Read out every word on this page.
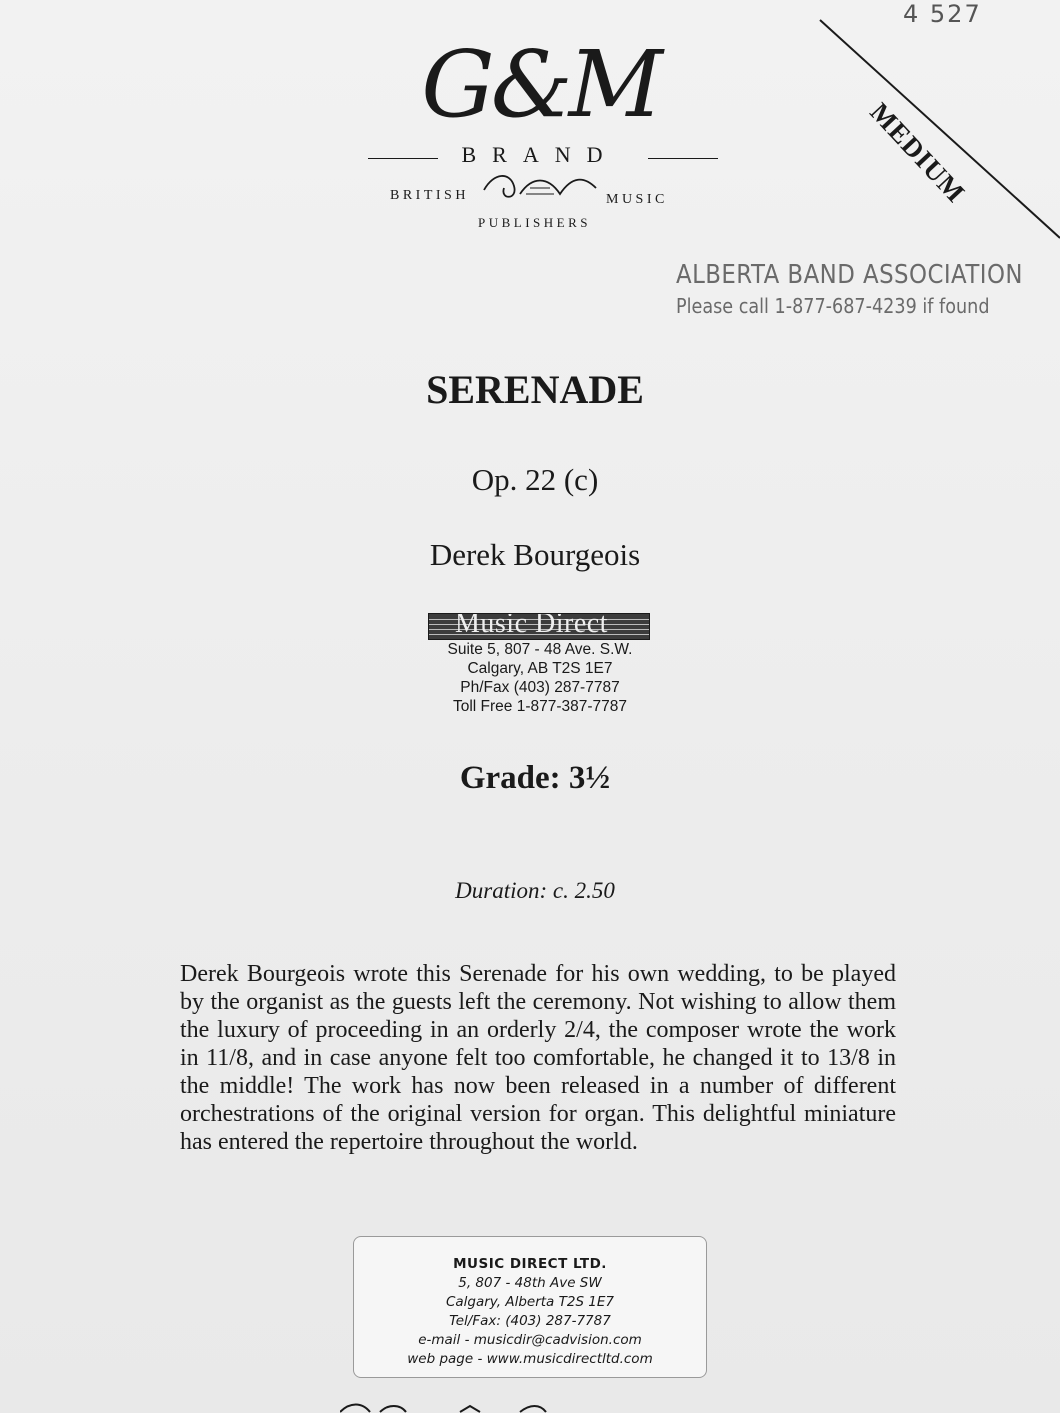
4 527
MEDIUM
G&M
BRAND
BRITISH	MUSIC
PUBLISHERS
ALBERTA BAND ASSOCIATION
Please call 1-877-687-4239 if found
SERENADE
Op. 22 (c)
Derek Bourgeois
Music Direct
Suite 5, 807 - 48 Ave. S.W.
Calgary, AB T2S 1E7
Ph/Fax (403) 287-7787
Toll Free 1-877-387-7787
Grade: 3½
Duration: c. 2.50
Derek Bourgeois wrote this Serenade for his own wedding, to be played by the organist as the guests left the ceremony. Not wishing to allow them the luxury of proceeding in an orderly 2/4, the composer wrote the work in 11/8, and in case anyone felt too comfortable, he changed it to 13/8 in the middle! The work has now been released in a number of different orchestrations of the original version for organ. This delightful miniature has entered the repertoire throughout the world.
MUSIC DIRECT LTD.
5, 807 - 48th Ave SW
Calgary, Alberta T2S 1E7
Tel/Fax: (403) 287-7787
e-mail - musicdir@cadvision.com
web page - www.musicdirectltd.com
